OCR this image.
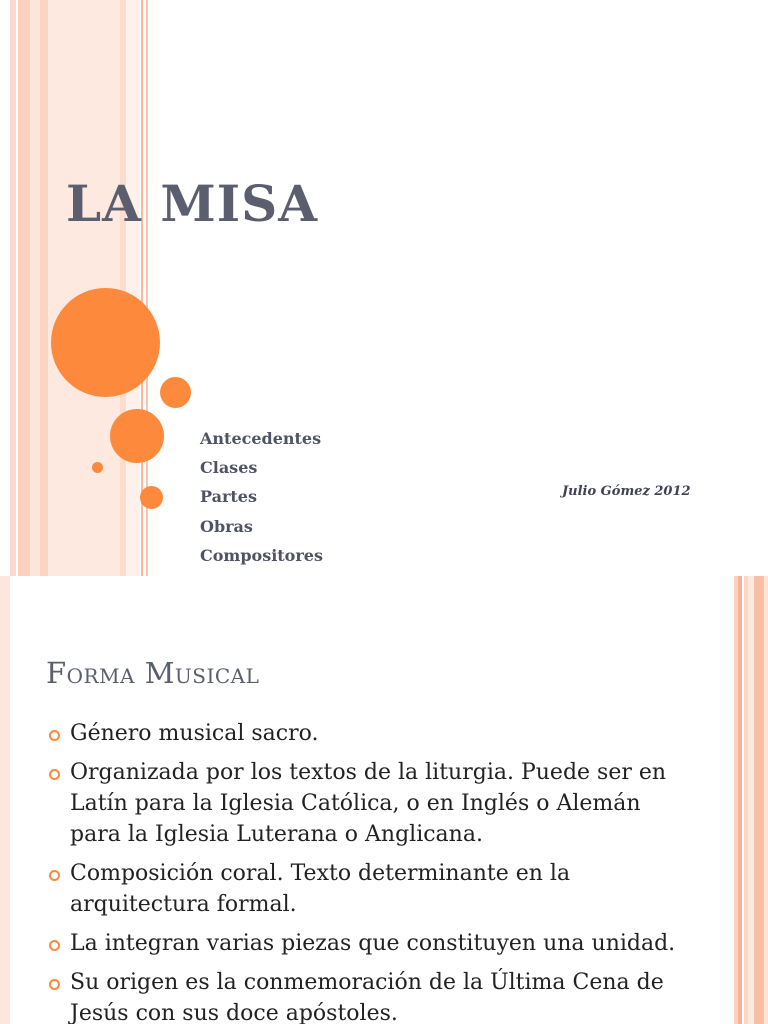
LA MISA
Antecedentes
Clases
Partes
Obras
Compositores
Julio Gómez 2012
Forma Musical
Género musical sacro.
Organizada por los textos de la liturgia. Puede ser en Latín para la Iglesia Católica, o en Inglés o Alemán para la Iglesia Luterana o Anglicana.
Composición coral. Texto determinante en la arquitectura formal.
La integran varias piezas que constituyen una unidad.
Su origen es la conmemoración de la Última Cena de Jesús con sus doce apóstoles.
